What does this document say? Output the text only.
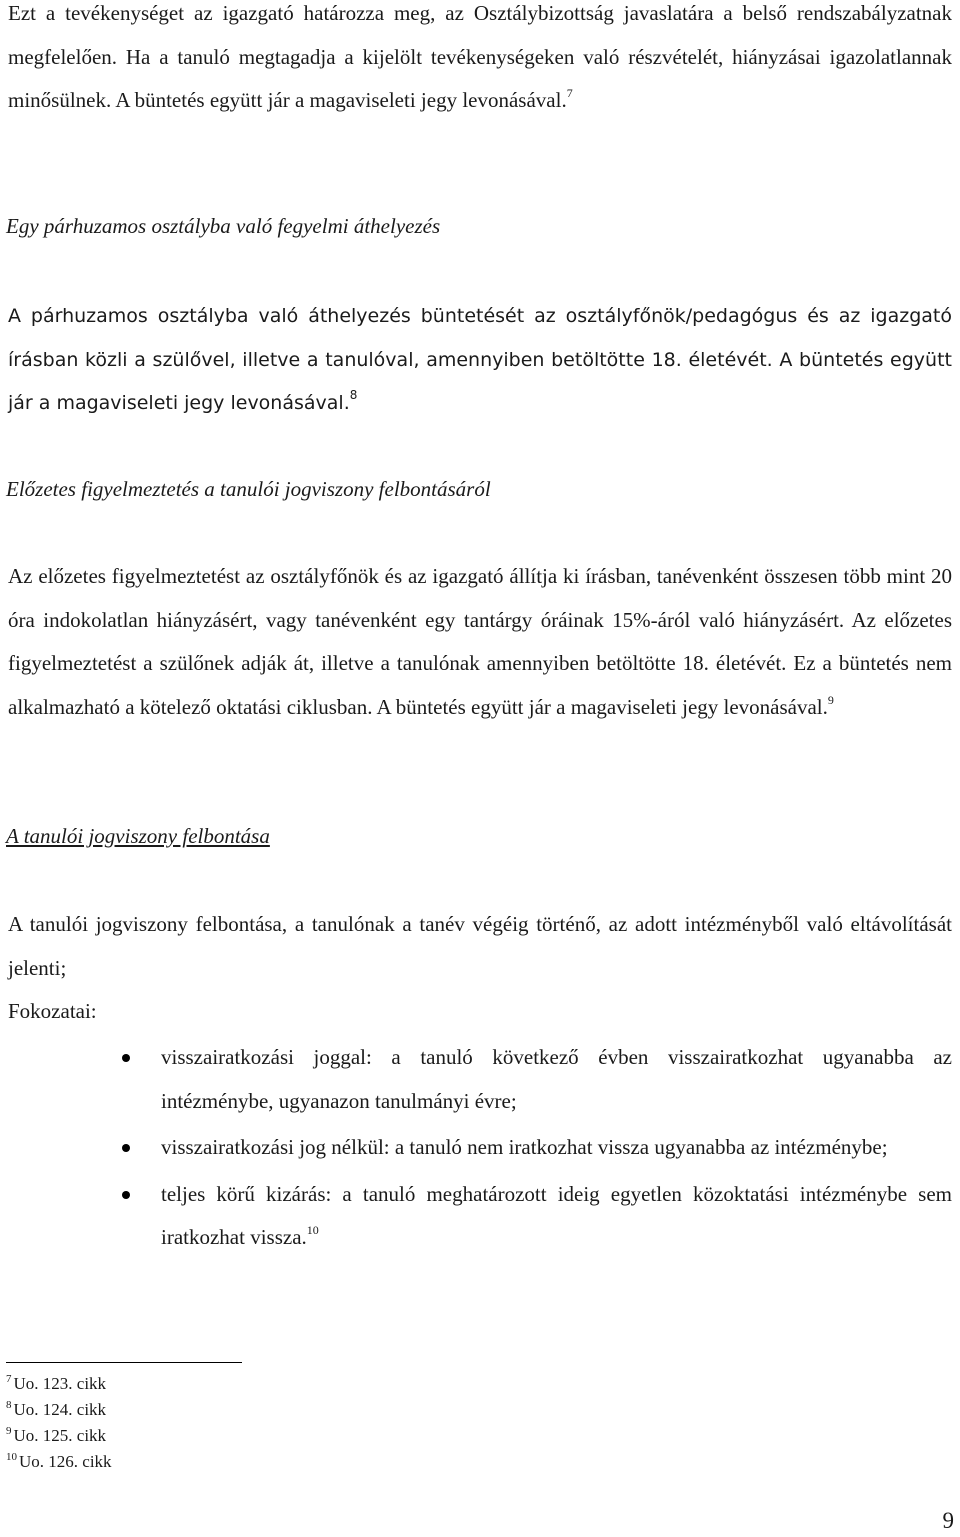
Ezt a tevékenységet az igazgató határozza meg, az Osztálybizottság javaslatára a belső rendszabályzatnak megfelelően. Ha a tanuló megtagadja a kijelölt tevékenységeken való részvételét, hiányzásai igazolatlannak minősülnek. A büntetés együtt jár a magaviseleti jegy levonásával.$^7$

Egy párhuzamos osztályba való fegyelmi áthelyezés

A párhuzamos osztályba való áthelyezés büntetését az osztályfőnök/pedagógus és az igazgató írásban közli a szülővel, illetve a tanulóval, amennyiben betöltötte 18. életévét. A büntetés együtt jár a magaviseleti jegy levonásával.$^8$

Előzetes figyelmeztetés a tanulói jogviszony felbontásáról

Az előzetes figyelmeztetést az osztályfőnök és az igazgató állítja ki írásban, tanévenként összesen több mint 20 óra indokolatlan hiányzásért, vagy tanévenként egy tantárgy óráinak 15%-áról való hiányzásért. Az előzetes figyelmeztetést a szülőnek adják át, illetve a tanulónak amennyiben betöltötte 18. életévét. Ez a büntetés nem alkalmazható a kötelező oktatási ciklusban. A büntetés együtt jár a magaviseleti jegy levonásával.$^9$

A tanulói jogviszony felbontása

A tanulói jogviszony felbontása, a tanulónak a tanév végéig történő, az adott intézményből való eltávolítását jelenti;

Fokozatai:

visszairatkozási joggal: a tanuló következő évben visszairatkozhat ugyanabba az intézménybe, ugyanazon tanulmányi évre;
visszairatkozási jog nélkül: a tanuló nem iratkozhat vissza ugyanabba az intézménybe;
teljes körű kizárás: a tanuló meghatározott ideig egyetlen közoktatási intézménybe sem iratkozhat vissza.$^{10}$
$^7$ Uo. 123. cikk
$^8$ Uo. 124. cikk
$^9$ Uo. 125. cikk
$^{10}$ Uo. 126. cikk
9
